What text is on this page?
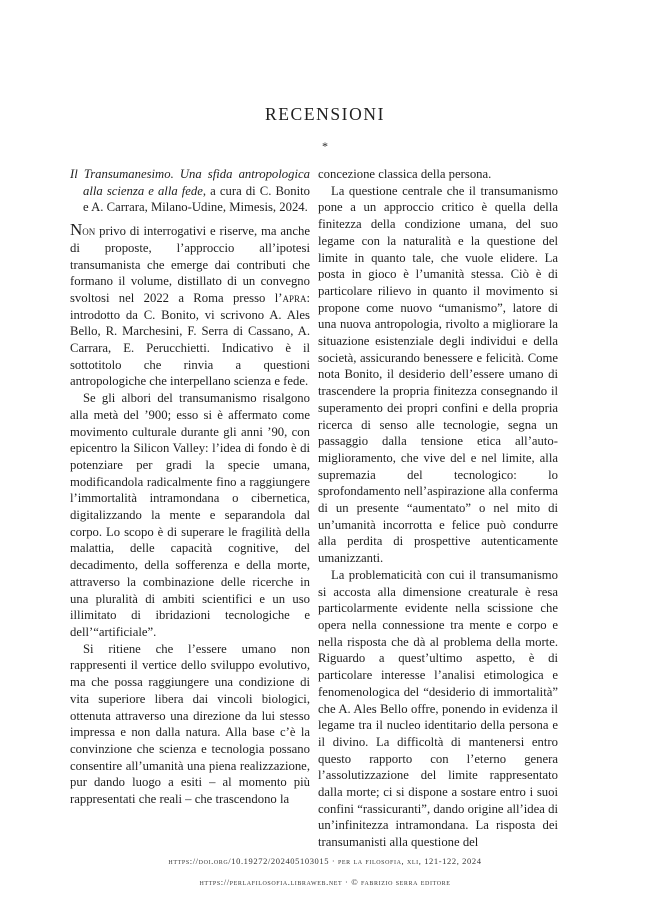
RECENSIONI
*

Il Transumanesimo. Una sfida antropologica alla scienza e alla fede, a cura di C. Bonito e A. Carrara, Milano-Udine, Mimesis, 2024.

Non privo di interrogativi e riserve, ma anche di proposte, l’approccio all’ipotesi transumanista che emerge dai contributi che formano il volume, distillato di un convegno svoltosi nel 2022 a Roma presso l’apra: introdotto da C. Bonito, vi scrivono A. Ales Bello, R. Marchesini, F. Serra di Cassano, A. Carrara, E. Perucchietti. Indicativo è il sottotitolo che rinvia a questioni antropologiche che interpellano scienza e fede.

Se gli albori del transumanismo risalgono alla metà del ’900; esso si è affermato come movimento culturale durante gli anni ’90, con epicentro la Silicon Valley: l’idea di fondo è di potenziare per gradi la specie umana, modificandola radicalmente fino a raggiungere l’immortalità intramondana o cibernetica, digitalizzando la mente e separandola dal corpo. Lo scopo è di superare le fragilità della malattia, delle capacità cognitive, del decadimento, della sofferenza e della morte, attraverso la combinazione delle ricerche in una pluralità di ambiti scientifici e un uso illimitato di ibridazioni tecnologiche e dell’“artificiale”.

Si ritiene che l’essere umano non rappresenti il vertice dello sviluppo evolutivo, ma che possa raggiungere una condizione di vita superiore libera dai vincoli biologici, ottenuta attraverso una direzione da lui stesso impressa e non dalla natura. Alla base c’è la convinzione che scienza e tecnologia possano consentire all’umanità una piena realizzazione, pur dando luogo a esiti – al momento più rappresentati che reali – che trascendono la

concezione classica della persona.

La questione centrale che il transumanismo pone a un approccio critico è quella della finitezza della condizione umana, del suo legame con la naturalità e la questione del limite in quanto tale, che vuole elidere. La posta in gioco è l’umanità stessa. Ciò è di particolare rilievo in quanto il movimento si propone come nuovo “umanismo”, latore di una nuova antropologia, rivolto a migliorare la situazione esistenziale degli individui e della società, assicurando benessere e felicità. Come nota Bonito, il desiderio dell’essere umano di trascendere la propria finitezza consegnando il superamento dei propri confini e della propria ricerca di senso alle tecnologie, segna un passaggio dalla tensione etica all’auto-miglioramento, che vive del e nel limite, alla supremazia del tecnologico: lo sprofondamento nell’aspirazione alla conferma di un presente “aumentato” o nel mito di un’umanità incorrotta e felice può condurre alla perdita di prospettive autenticamente umanizzanti.

La problematicità con cui il transumanismo si accosta alla dimensione creaturale è resa particolarmente evidente nella scissione che opera nella connessione tra mente e corpo e nella risposta che dà al problema della morte. Riguardo a quest’ultimo aspetto, è di particolare interesse l’analisi etimologica e fenomenologica del “desiderio di immortalità” che A. Ales Bello offre, ponendo in evidenza il legame tra il nucleo identitario della persona e il divino. La difficoltà di mantenersi entro questo rapporto con l’eterno genera l’assolutizzazione del limite rappresentato dalla morte; ci si dispone a sostare entro i suoi confini “rassicuranti”, dando origine all’idea di un’infinitezza intramondana. La risposta dei transumanisti alla questione del

https://doi.org/10.19272/202405103015 · per la filosofia, xli, 121-122, 2024
https://perlafilosofia.libraweb.net · © fabrizio serra editore
